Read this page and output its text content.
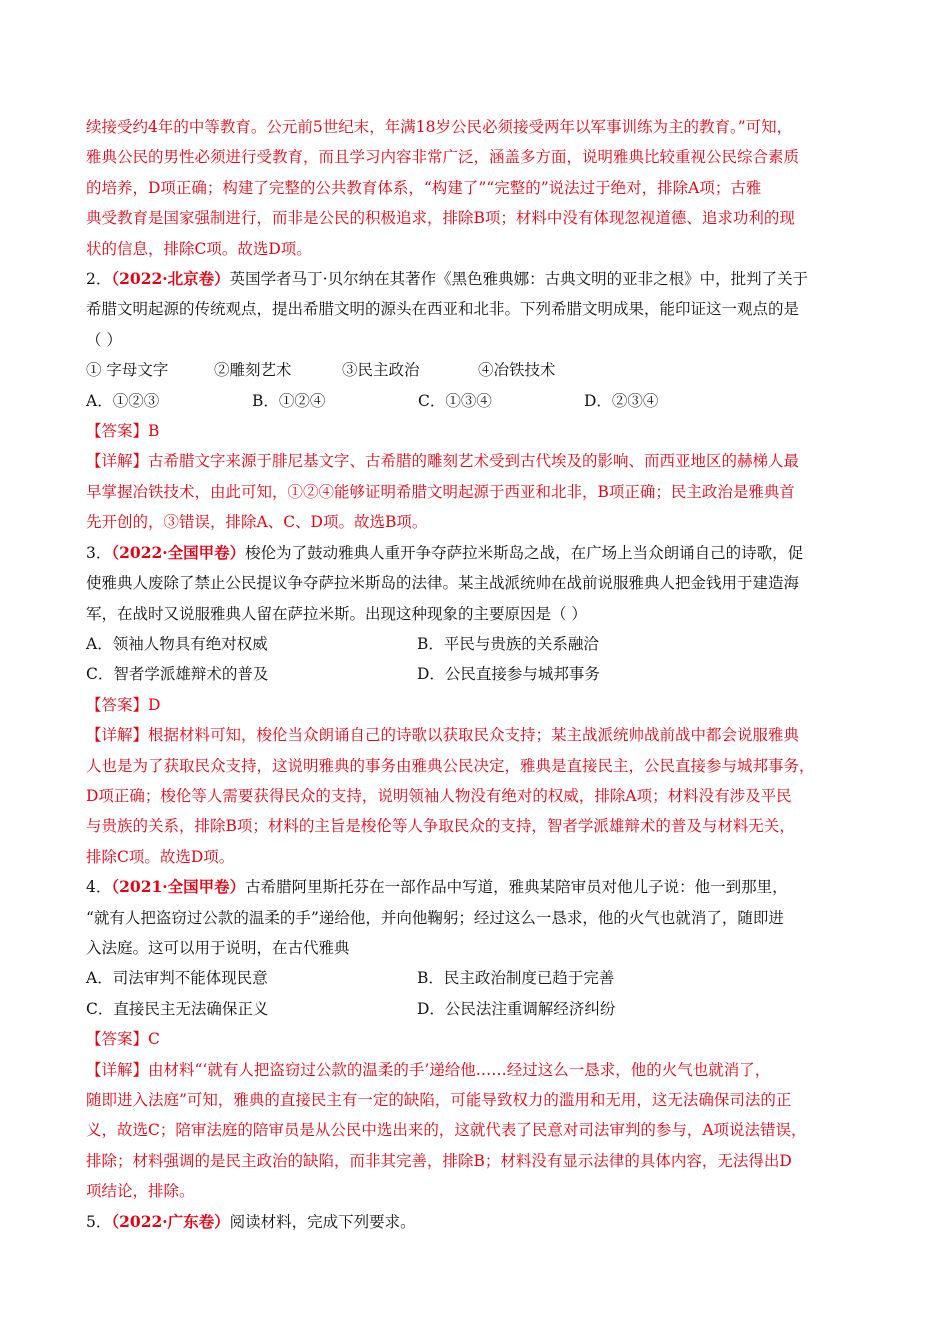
续接受约4年的中等教育。公元前5世纪末，年满18岁公民必须接受两年以军事训练为主的教育。”可知，

雅典公民的男性必须进行受教育，而且学习内容非常广泛，涵盖多方面，说明雅典比较重视公民综合素质

的培养，D项正确；构建了完整的公共教育体系，“构建了”“完整的”说法过于绝对，排除A项；古雅

典受教育是国家强制进行，而非是公民的积极追求，排除B项；材料中没有体现忽视道德、追求功利的现

状的信息，排除C项。故选D项。

2．（2022·北京卷）英国学者马丁·贝尔纳在其著作《黑色雅典娜：古典文明的亚非之根》中，批判了关于

希腊文明起源的传统观点，提出希腊文明的源头在西亚和北非。下列希腊文明成果，能印证这一观点的是

（ ）

① 字母文字	②雕刻艺术	③民主政治	④冶铁技术

A．①②③	B．①②④	C．①③④	D．②③④

【答案】B

【详解】古希腊文字来源于腓尼基文字、古希腊的雕刻艺术受到古代埃及的影响、而西亚地区的赫梯人最

早掌握冶铁技术，由此可知，①②④能够证明希腊文明起源于西亚和北非，B项正确；民主政治是雅典首

先开创的，③错误，排除A、C、D项。故选B项。

3．（2022·全国甲卷）梭伦为了鼓动雅典人重开争夺萨拉米斯岛之战，在广场上当众朗诵自己的诗歌，促

使雅典人废除了禁止公民提议争夺萨拉米斯岛的法律。某主战派统帅在战前说服雅典人把金钱用于建造海

军，在战时又说服雅典人留在萨拉米斯。出现这种现象的主要原因是（ ）

A．领袖人物具有绝对权威	B．平民与贵族的关系融洽

C．智者学派雄辩术的普及	D．公民直接参与城邦事务

【答案】D

【详解】根据材料可知，梭伦当众朗诵自己的诗歌以获取民众支持；某主战派统帅战前战中都会说服雅典

人也是为了获取民众支持，这说明雅典的事务由雅典公民决定，雅典是直接民主，公民直接参与城邦事务，

D项正确；梭伦等人需要获得民众的支持，说明领袖人物没有绝对的权威，排除A项；材料没有涉及平民

与贵族的关系，排除B项；材料的主旨是梭伦等人争取民众的支持，智者学派雄辩术的普及与材料无关，

排除C项。故选D项。

4．（2021·全国甲卷）古希腊阿里斯托芬在一部作品中写道，雅典某陪审员对他儿子说：他一到那里，

“就有人把盗窃过公款的温柔的手”递给他，并向他鞠躬；经过这么一恳求，他的火气也就消了，随即进

入法庭。这可以用于说明，在古代雅典

A．司法审判不能体现民意	B．民主政治制度已趋于完善

C．直接民主无法确保正义	D．公民法注重调解经济纠纷

【答案】C

【详解】由材料“‘就有人把盗窃过公款的温柔的手’递给他……经过这么一恳求，他的火气也就消了，

随即进入法庭”可知，雅典的直接民主有一定的缺陷，可能导致权力的滥用和无用，这无法确保司法的正

义，故选C；陪审法庭的陪审员是从公民中选出来的，这就代表了民意对司法审判的参与，A项说法错误，

排除；材料强调的是民主政治的缺陷，而非其完善，排除B；材料没有显示法律的具体内容，无法得出D

项结论，排除。

5．（2022·广东卷）阅读材料，完成下列要求。
